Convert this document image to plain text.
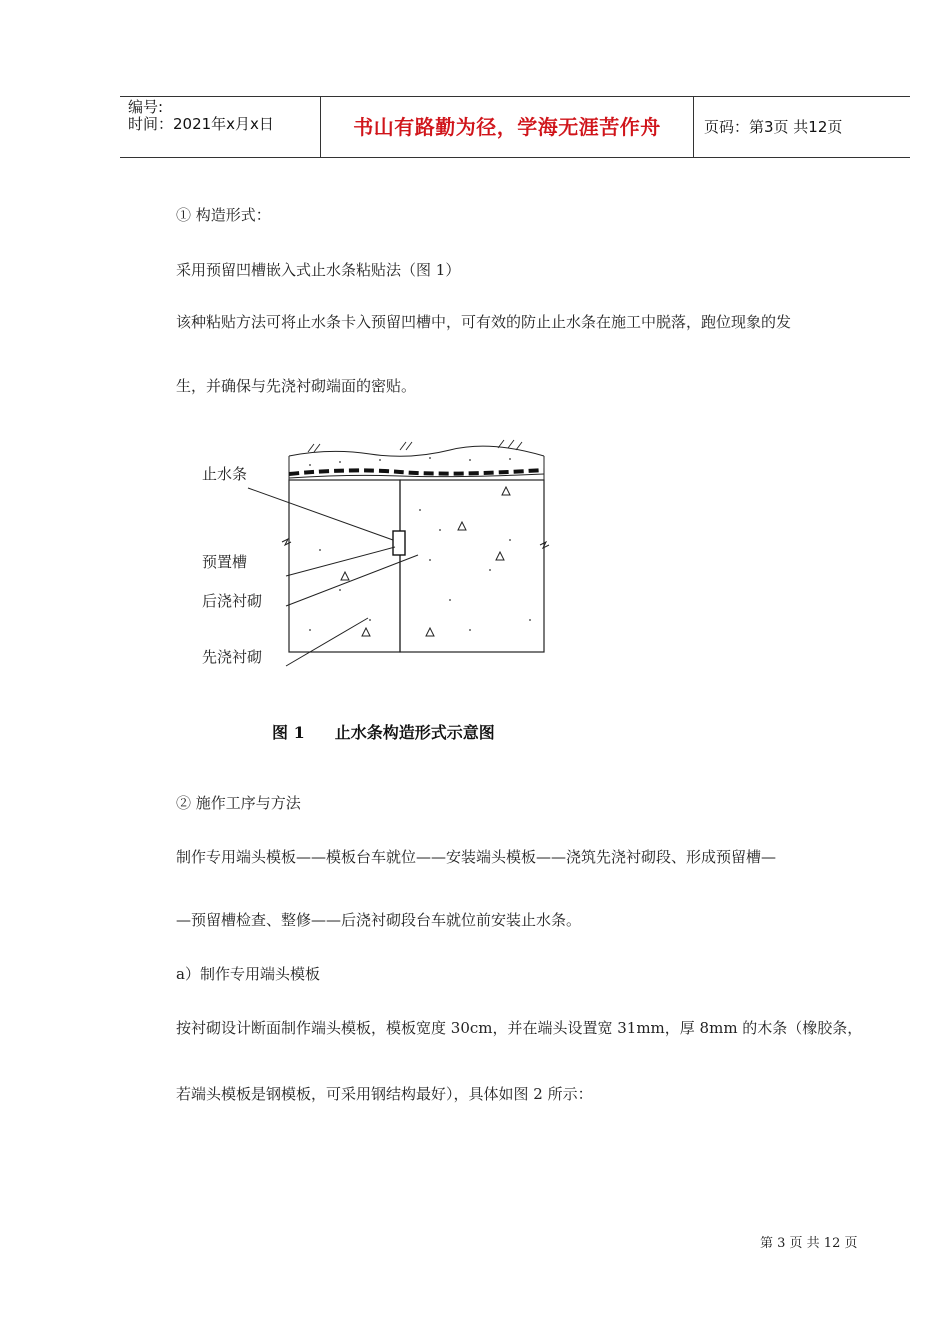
编号:
时间：2021年x月x日	书山有路勤为径，学海无涯苦作舟	页码：第3页 共12页
① 构造形式：
采用预留凹槽嵌入式止水条粘贴法（图 1）
该种粘贴方法可将止水条卡入预留凹槽中，可有效的防止止水条在施工中脱落，跑位现象的发
生，并确保与先浇衬砌端面的密贴。
止水条
预置槽
后浇衬砌
先浇衬砌
图 1 止水条构造形式示意图
② 施作工序与方法
制作专用端头模板——模板台车就位——安装端头模板——浇筑先浇衬砌段、形成预留槽—
—预留槽检查、整修——后浇衬砌段台车就位前安装止水条。
a）制作专用端头模板
按衬砌设计断面制作端头模板，模板宽度 30cm，并在端头设置宽 31mm，厚 8mm 的木条（橡胶条，
若端头模板是钢模板，可采用钢结构最好），具体如图 2 所示：
第 3 页 共 12 页
